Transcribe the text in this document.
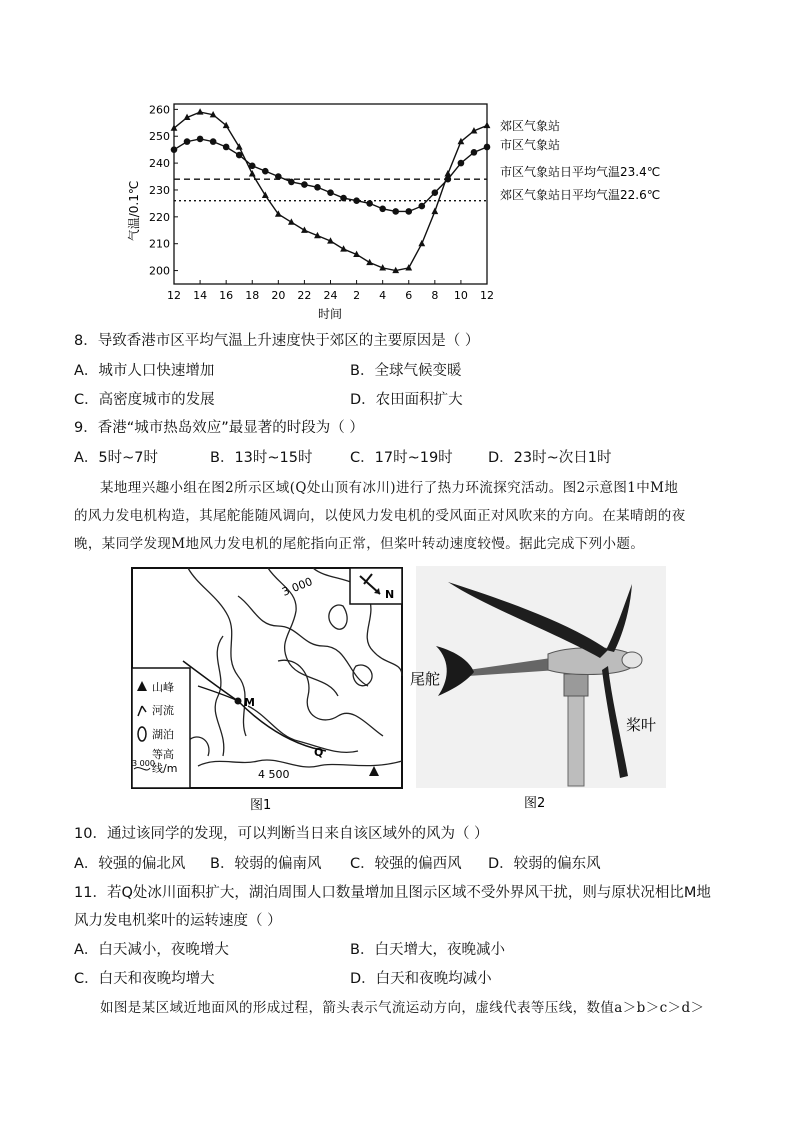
200
210
220
230
240
250
260
12 14 16 18 20 22 24 2 4 6 8 10 12
气温/0.1℃
时间
郊区气象站
市区气象站
市区气象站日平均气温23.4℃
郊区气象站日平均气温22.6℃
8．导致香港市区平均气温上升速度快于郊区的主要原因是（ ）
A．城市人口快速增加	B．全球气候变暖
C．高密度城市的发展	D．农田面积扩大
9．香港“城市热岛效应”最显著的时段为（ ）
A．5时~7时	B．13时~15时	C．17时~19时 D．23时~次日1时
某地理兴趣小组在图2所示区域(Q处山顶有冰川)进行了热力环流探究活动。图2示意图1中M地
的风力发电机构造，其尾舵能随风调向，以使风力发电机的受风面正对风吹来的方向。在某晴朗的夜
晚，某同学发现M地风力发电机的尾舵指向正常，但桨叶转动速度较慢。据此完成下列小题。
N
3 000
4 500
M
Q
山峰
河流
湖泊
等高
线/m
3 000
图1
尾舵
桨叶
图2
10．通过该同学的发现，可以判断当日来自该区域外的风为（ ）
A．较强的偏北风 B．较弱的偏南风 C．较强的偏西风 D．较弱的偏东风
11．若Q处冰川面积扩大，湖泊周围人口数量增加且图示区域不受外界风干扰，则与原状况相比M地
风力发电机桨叶的运转速度（ ）
A．白天减小，夜晚增大	B．白天增大，夜晚减小
C．白天和夜晚均增大	D．白天和夜晚均减小
如图是某区域近地面风的形成过程，箭头表示气流运动方向，虚线代表等压线，数值a＞b＞c＞d＞
